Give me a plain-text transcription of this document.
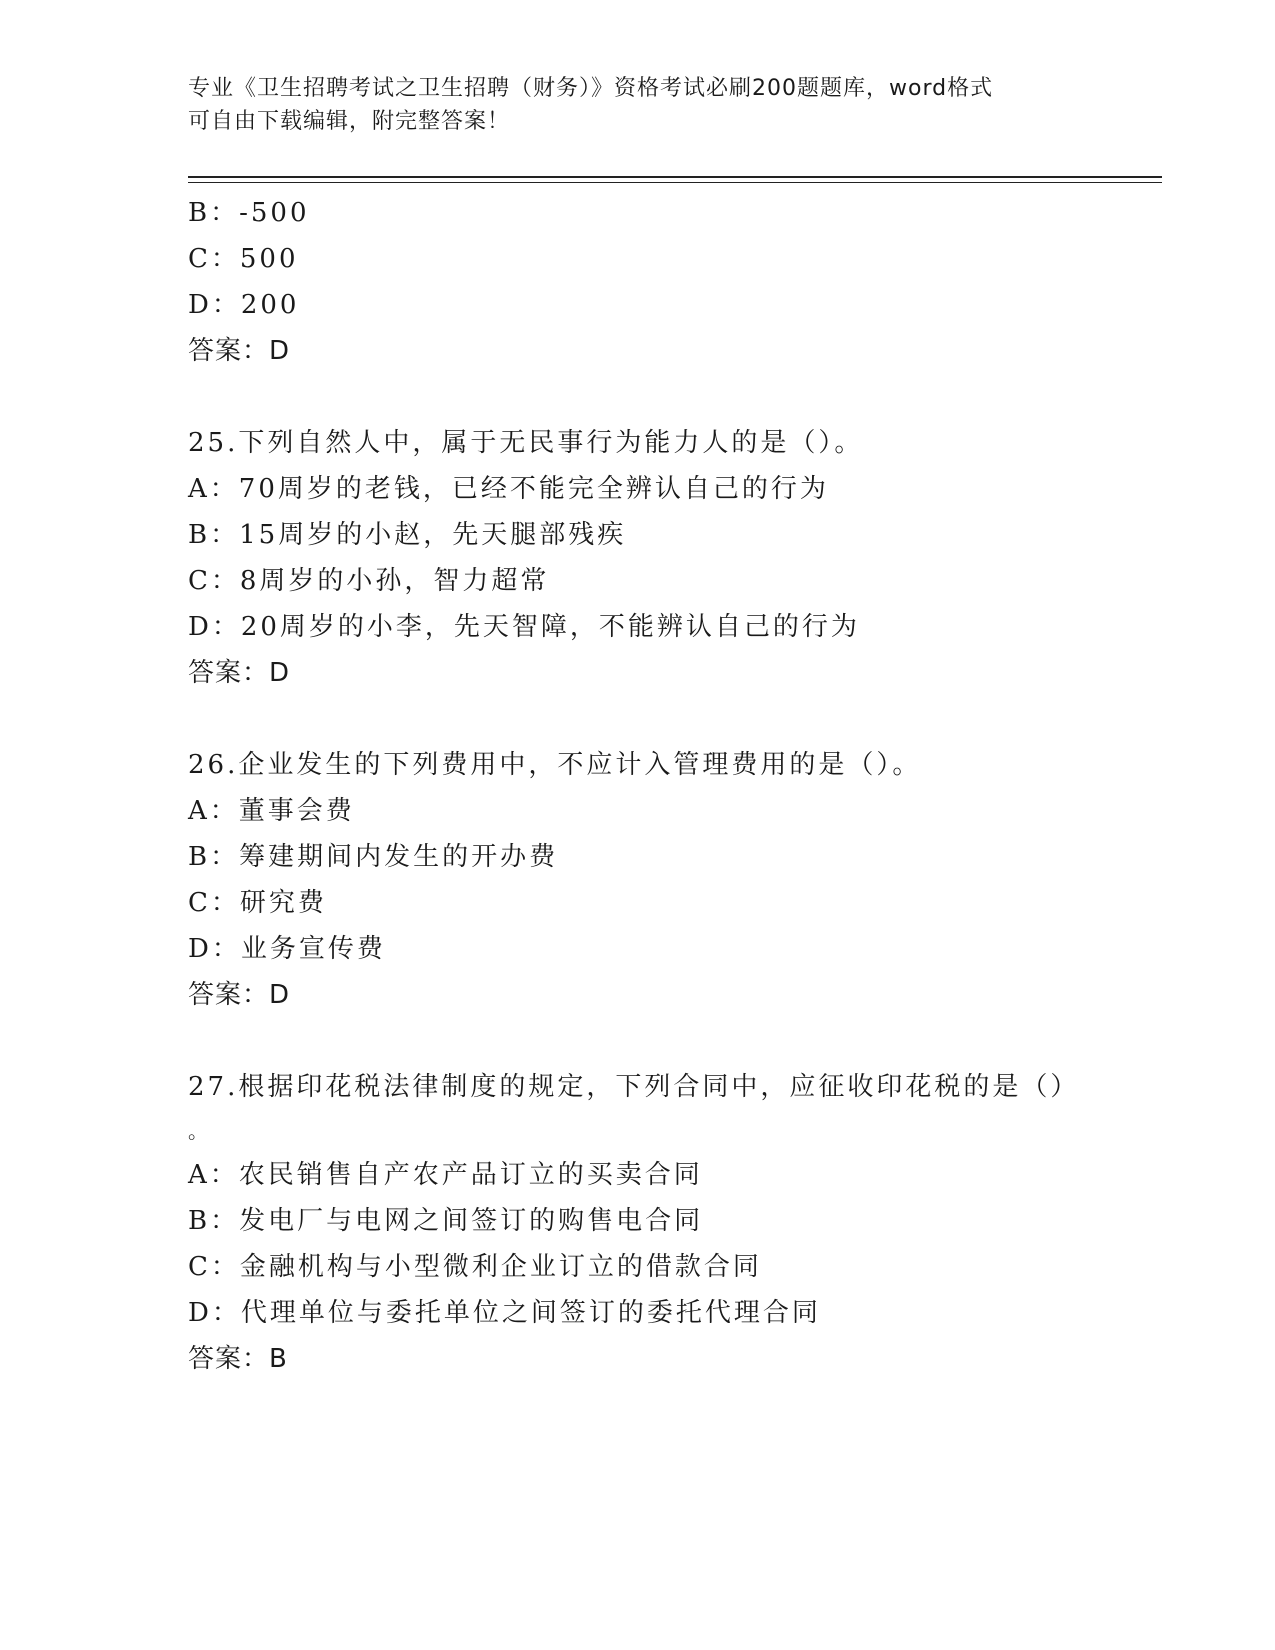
专业《卫生招聘考试之卫生招聘（财务）》资格考试必刷200题题库，word格式
可自由下载编辑，附完整答案！
B：-500
C：500
D：200
答案：D
25.下列自然人中，属于无民事行为能力人的是（）。
A：70周岁的老钱，已经不能完全辨认自己的行为
B：15周岁的小赵，先天腿部残疾
C：8周岁的小孙，智力超常
D：20周岁的小李，先天智障，不能辨认自己的行为
答案：D
26.企业发生的下列费用中，不应计入管理费用的是（）。
A：董事会费
B：筹建期间内发生的开办费
C：研究费
D：业务宣传费
答案：D
27.根据印花税法律制度的规定，下列合同中，应征收印花税的是（）
。
A：农民销售自产农产品订立的买卖合同
B：发电厂与电网之间签订的购售电合同
C：金融机构与小型微利企业订立的借款合同
D：代理单位与委托单位之间签订的委托代理合同
答案：B
